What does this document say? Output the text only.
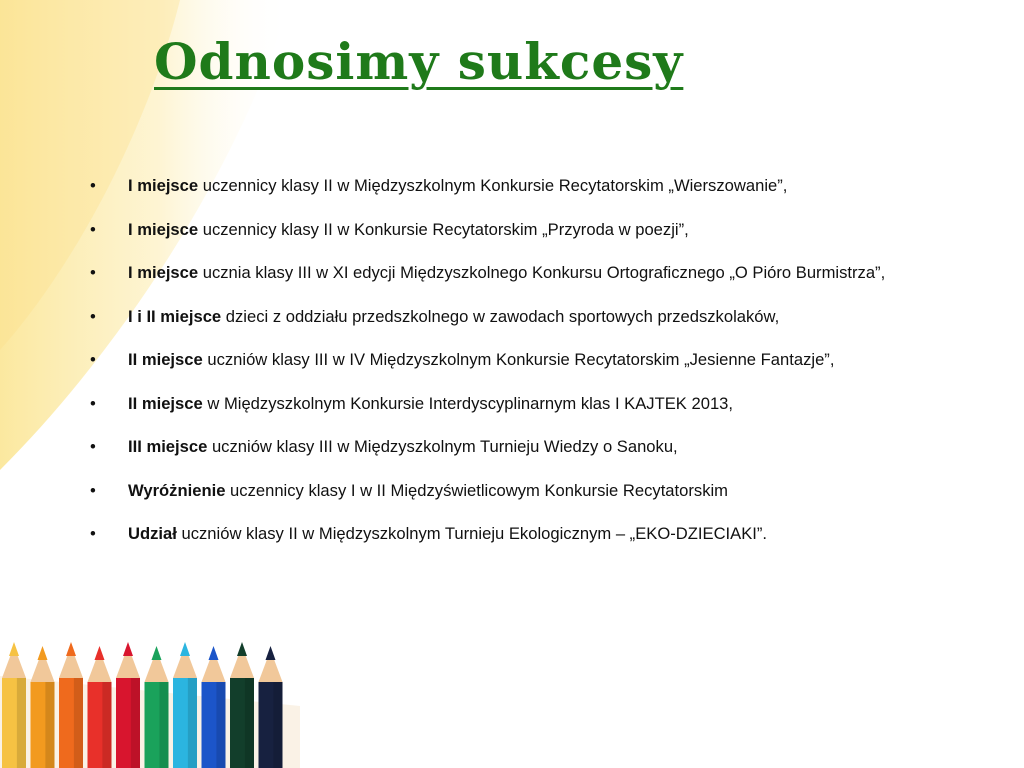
Odnosimy sukcesy
• I miejsce uczennicy klasy II w Międzyszkolnym Konkursie Recytatorskim „Wierszowanie”,
• I miejsce uczennicy klasy II w Konkursie Recytatorskim „Przyroda w poezji”,
• I miejsce ucznia klasy III w XI edycji Międzyszkolnego Konkursu Ortograficznego „O Pióro Burmistrza”,
• I i II miejsce dzieci z oddziału przedszkolnego w zawodach sportowych przedszkolaków,
• II miejsce uczniów klasy III w IV Międzyszkolnym Konkursie Recytatorskim „Jesienne Fantazje”,
• II miejsce w Międzyszkolnym Konkursie Interdyscyplinarnym klas I KAJTEK 2013,
• III miejsce uczniów klasy III w Międzyszkolnym Turnieju Wiedzy o Sanoku,
• Wyróżnienie uczennicy klasy I w II Międzyświetlicowym Konkursie Recytatorskim
• Udział uczniów klasy II w Międzyszkolnym Turnieju Ekologicznym – „EKO-DZIECIAKI”.
